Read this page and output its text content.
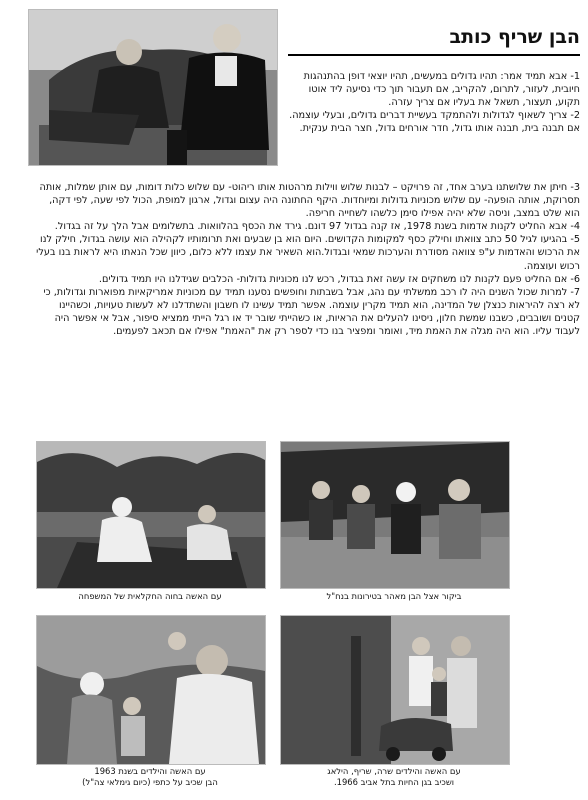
הבן שריף כותב

1- אבא תמיד אמר: תהיו גדולים במעשים, תהיו יוצאי דופן בהתנהגות חיובית, לעזור, לתרום, להקריב, אם תעבור תוך כדי נסיעה ליד אוטו תקוע, תעצור, תשאל את בעליו אם צריך עזרה.

2- צריך לשאוף לגדולות ולהתמקד בעשיית דברים גדולים, ובעלי עוצמה. אם תבנה בית, תבנה אותו גדול, חדר אורחים גדול, חצר הבית ענקית.

3- חיתן את שלושתנו בערב אחד, זה פרויקט – לבנות שלוש ווילות מרהטות אותו ריהוט- עם שלוש כלות דומות, עם אותן שמלות, אותה תסרוקת, אותה הופעה- עם שלוש מכוניות גדולות ומיוחדות. היקף החתונה היה עצום וגדול, ארגון למופת, הכול לפי שעה, לפי דקה, הוא שלט במצב, וניסה שלא יהיה אפילו סימן כלשהו לשחייה חריפה.

4- אבא החליט לקנות אדמות בשנת 1978, אז קנה בגדול 97 דונם. גירד את הכסף בהלוואות. בתשלומים אבל הלך על זה בגדול.

5- בהגיעו לגיל 50 כתב צוואתו וחילק כסף למקומות הקדושים. היום הוא בן שבעים ואת תרומותיו לקהילה הוא עושה בגדול, חילק לנו את הרכוש והאדמות ע"פ צוואה מסודרת והערכות שמאי ובגדול.הוא השאיר את עצמו ללא כלום, כיוון שכל הנאתו היא לראות בנו בעלי רכוש ועוצמה.

6- אם החליט פעם לקנות לנו משחקים אז עשה זאת בגדול, רכש לנו מכוניות גדולות- הכלבים שגידלנו היו תמיד גדולים.

7- למרות שכול השנים היה לו רכב ממשלתי עם נהג, אבל בשבתות וחופשים נסענו תמיד עם מכוניות אמריקאיות מפוארות וגדולות, כי לא רצה להיראות כנצלן של המדינה, הוא תמיד מקרין עוצמה. אפשר תמיד עשינו לו חשבון והשתדלנו לא לעשות טעויות, וכשהיינו קטנים ושובבים, כשבנו שמשת חלון, ניסינו להעלים את הראיות, או כשהייתי שובר יד או רגל הייתי ממציא סיפור, אבל אי אפשר היה לעבוד עליו. הוא היה מגלה את האמת מיד, ואומר ומפציר בנו כדי לספר רק את "האמת" אפילו אם תכאב לפעמים.

עם האשה בחוה החקלאית של המשפחה	ביקור אצל הבן מאהר בטירונות בנח"ל

עם האשה והילדים בשנת 1963
הבן שכיב על כתפי (כיום גימלאי צה"ל)

עם האשה והילדים שרה, שריף, הילאג
ושכיב בגן החיות בתל אביב 1966.
